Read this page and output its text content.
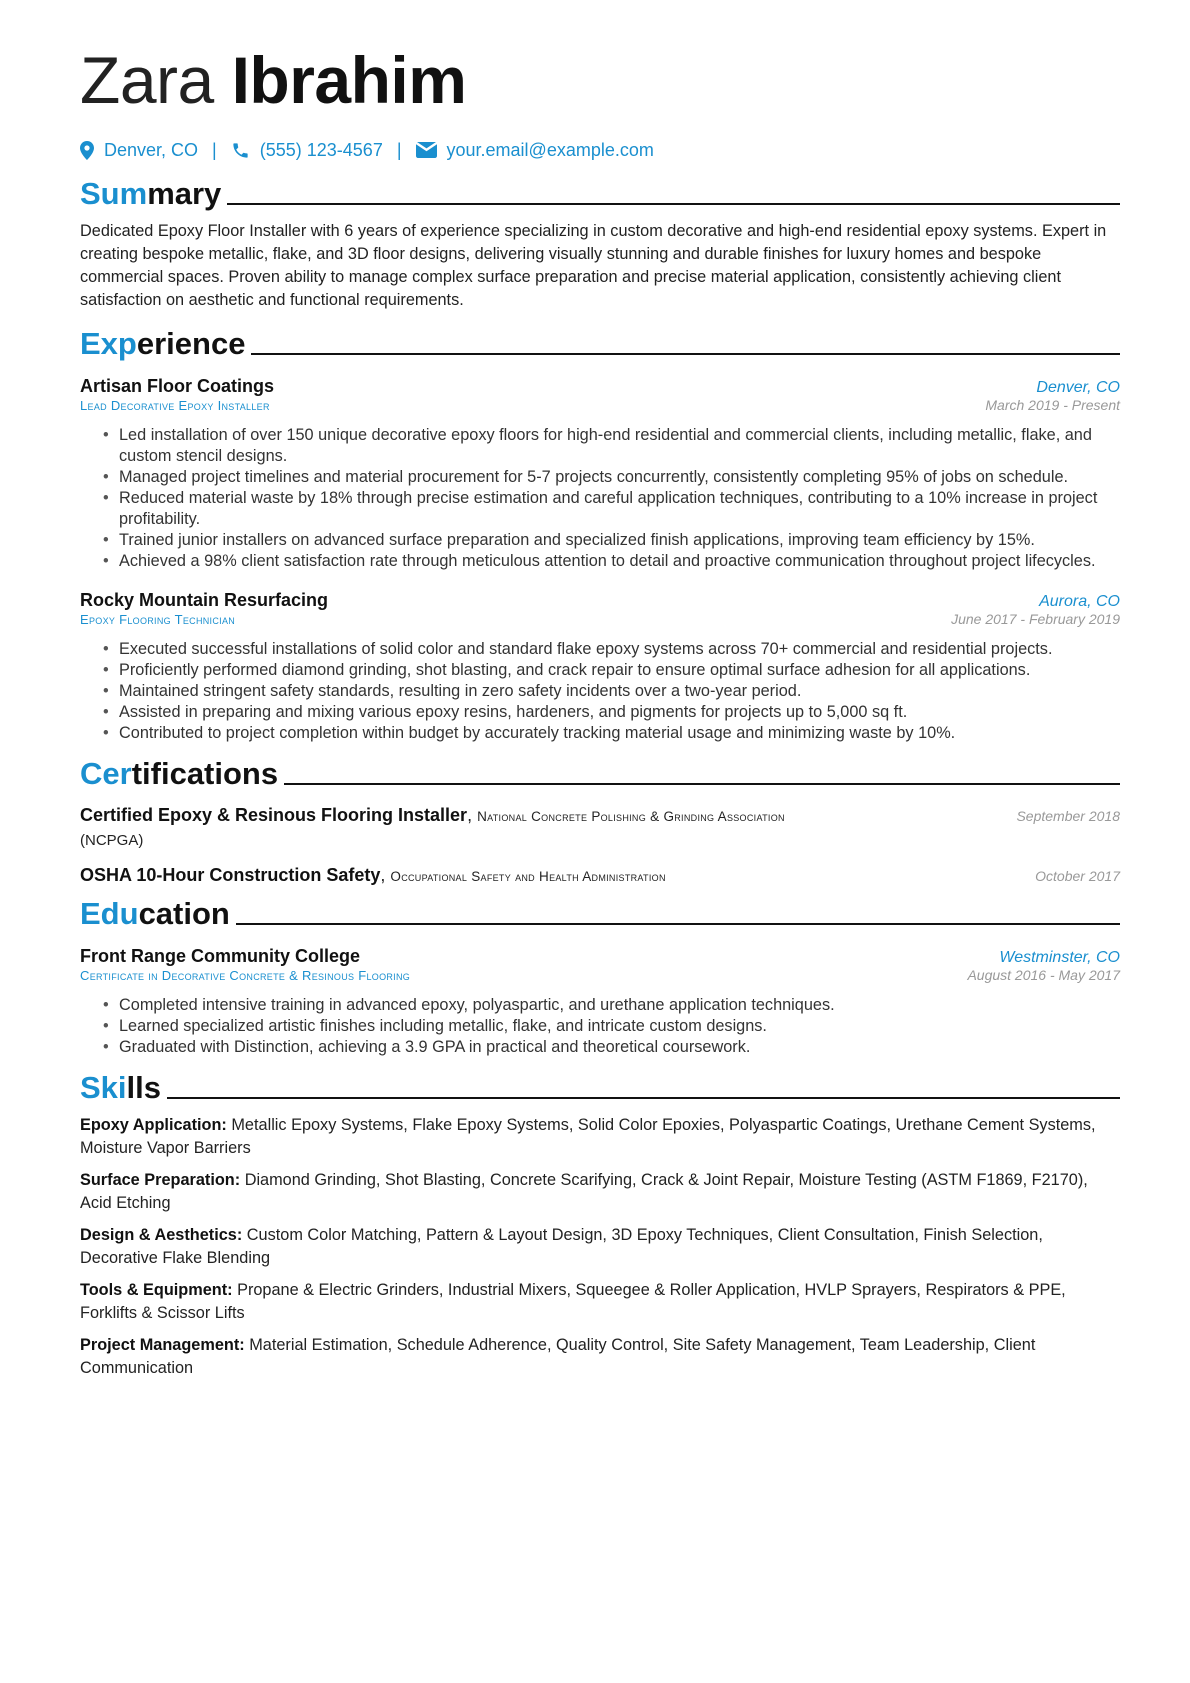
Zara Ibrahim
Denver, CO | (555) 123-4567 |	your.email@example.com
Summary
Dedicated Epoxy Floor Installer with 6 years of experience specializing in custom decorative and high-end residential epoxy systems. Expert in creating bespoke metallic, flake, and 3D floor designs, delivering visually stunning and durable finishes for luxury homes and bespoke commercial spaces. Proven ability to manage complex surface preparation and precise material application, consistently achieving client satisfaction on aesthetic and functional requirements.
Experience
Artisan Floor Coatings	Denver, CO
Lead Decorative Epoxy Installer	March 2019 - Present
• Led installation of over 150 unique decorative epoxy floors for high-end residential and commercial clients, including metallic, flake, and custom stencil designs.
• Managed project timelines and material procurement for 5-7 projects concurrently, consistently completing 95% of jobs on schedule.
• Reduced material waste by 18% through precise estimation and careful application techniques, contributing to a 10% increase in project profitability.
• Trained junior installers on advanced surface preparation and specialized finish applications, improving team efficiency by 15%.
• Achieved a 98% client satisfaction rate through meticulous attention to detail and proactive communication throughout project lifecycles.
Rocky Mountain Resurfacing	Aurora, CO
Epoxy Flooring Technician	June 2017 - February 2019
• Executed successful installations of solid color and standard flake epoxy systems across 70+ commercial and residential projects.
• Proficiently performed diamond grinding, shot blasting, and crack repair to ensure optimal surface adhesion for all applications.
• Maintained stringent safety standards, resulting in zero safety incidents over a two-year period.
• Assisted in preparing and mixing various epoxy resins, hardeners, and pigments for projects up to 5,000 sq ft.
• Contributed to project completion within budget by accurately tracking material usage and minimizing waste by 10%.
Certifications
Certified Epoxy & Resinous Flooring Installer, National Concrete Polishing & Grinding Association
(NCPGA)
September 2018
OSHA 10-Hour Construction Safety, Occupational Safety and Health Administration	October 2017
Education
Front Range Community College	Westminster, CO
Certificate in Decorative Concrete & Resinous Flooring	August 2016 - May 2017
• Completed intensive training in advanced epoxy, polyaspartic, and urethane application techniques.
• Learned specialized artistic finishes including metallic, flake, and intricate custom designs.
• Graduated with Distinction, achieving a 3.9 GPA in practical and theoretical coursework.
Skills
Epoxy Application: Metallic Epoxy Systems, Flake Epoxy Systems, Solid Color Epoxies, Polyaspartic Coatings, Urethane Cement Systems, Moisture Vapor Barriers
Surface Preparation: Diamond Grinding, Shot Blasting, Concrete Scarifying, Crack & Joint Repair, Moisture Testing (ASTM F1869, F2170), Acid Etching
Design & Aesthetics: Custom Color Matching, Pattern & Layout Design, 3D Epoxy Techniques, Client Consultation, Finish Selection, Decorative Flake Blending
Tools & Equipment: Propane & Electric Grinders, Industrial Mixers, Squeegee & Roller Application, HVLP Sprayers, Respirators & PPE, Forklifts & Scissor Lifts
Project Management: Material Estimation, Schedule Adherence, Quality Control, Site Safety Management, Team Leadership, Client Communication
